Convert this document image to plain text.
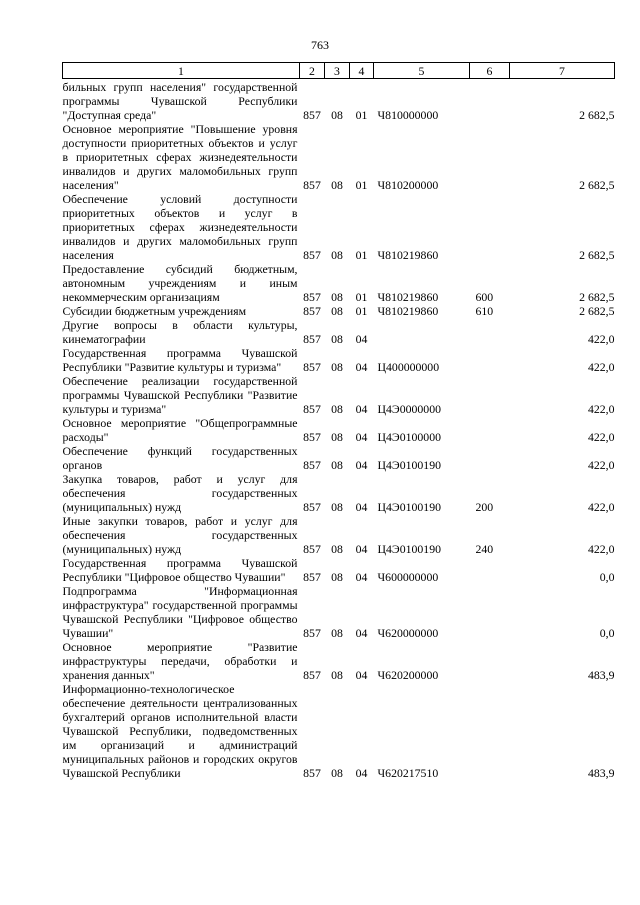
763
1	2	3	4	5	6	7
бильных групп населения" государственной программы Чувашской Республики "Доступная среда"	857	08	01	Ч810000000		2 682,5
Основное мероприятие "Повышение уровня доступности приоритетных объектов и услуг в приоритетных сферах жизнедеятельности инвалидов и других маломобильных групп населения"	857	08	01	Ч810200000		2 682,5
Обеспечение условий доступности приоритетных объектов и услуг в приоритетных сферах жизнедеятельности инвалидов и других маломобильных групп населения	857	08	01	Ч810219860		2 682,5
Предоставление субсидий бюджетным, автономным учреждениям и иным некоммерческим организациям	857	08	01	Ч810219860	600	2 682,5
Субсидии бюджетным учреждениям	857	08	01	Ч810219860	610	2 682,5
Другие вопросы в области культуры, кинематографии	857	08	04			422,0
Государственная программа Чувашской Республики "Развитие культуры и туризма"	857	08	04	Ц400000000		422,0
Обеспечение реализации государственной программы Чувашской Республики "Развитие культуры и туризма"	857	08	04	Ц4Э0000000		422,0
Основное мероприятие "Общепрограммные расходы"	857	08	04	Ц4Э0100000		422,0
Обеспечение функций государственных органов	857	08	04	Ц4Э0100190		422,0
Закупка товаров, работ и услуг для обеспечения государственных (муниципальных) нужд	857	08	04	Ц4Э0100190	200	422,0
Иные закупки товаров, работ и услуг для обеспечения государственных (муниципальных) нужд	857	08	04	Ц4Э0100190	240	422,0
Государственная программа Чувашской Республики "Цифровое общество Чувашии"	857	08	04	Ч600000000		0,0
Подпрограмма "Информационная инфраструктура" государственной программы Чувашской Республики "Цифровое общество Чувашии"	857	08	04	Ч620000000		0,0
Основное мероприятие "Развитие инфраструктуры передачи, обработки и хранения данных"	857	08	04	Ч620200000		483,9
Информационно-технологическое обеспечение деятельности централизованных бухгалтерий органов исполнительной власти Чувашской Республики, подведомственных им организаций и администраций муниципальных районов и городских округов Чувашской Республики	857	08	04	Ч620217510		483,9
